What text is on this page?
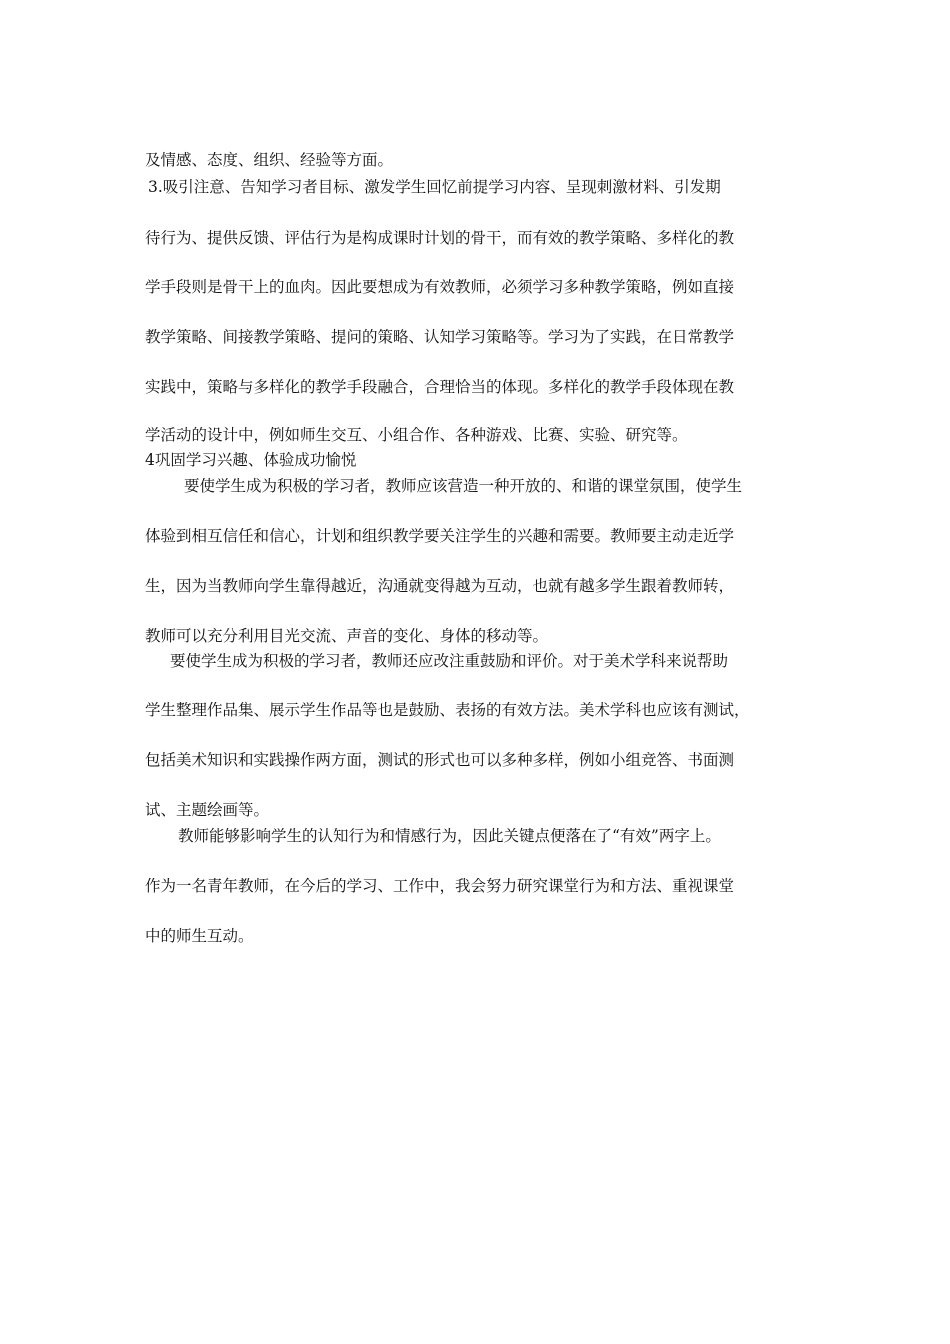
及情感、态度、组织、经验等方面。
3.吸引注意、告知学习者目标、激发学生回忆前提学习内容、呈现刺激材料、引发期
待行为、提供反馈、评估行为是构成课时计划的骨干，而有效的教学策略、多样化的教
学手段则是骨干上的血肉。因此要想成为有效教师，必须学习多种教学策略，例如直接
教学策略、间接教学策略、提问的策略、认知学习策略等。学习为了实践，在日常教学
实践中，策略与多样化的教学手段融合，合理恰当的体现。多样化的教学手段体现在教
学活动的设计中，例如师生交互、小组合作、各种游戏、比赛、实验、研究等。
4巩固学习兴趣、体验成功愉悦
要使学生成为积极的学习者，教师应该营造一种开放的、和谐的课堂氛围，使学生
体验到相互信任和信心，计划和组织教学要关注学生的兴趣和需要。教师要主动走近学
生，因为当教师向学生靠得越近，沟通就变得越为互动，也就有越多学生跟着教师转，
教师可以充分利用目光交流、声音的变化、身体的移动等。
要使学生成为积极的学习者，教师还应改注重鼓励和评价。对于美术学科来说帮助
学生整理作品集、展示学生作品等也是鼓励、表扬的有效方法。美术学科也应该有测试，
包括美术知识和实践操作两方面，测试的形式也可以多种多样，例如小组竞答、书面测
试、主题绘画等。
教师能够影响学生的认知行为和情感行为，因此关键点便落在了“有效”两字上。
作为一名青年教师，在今后的学习、工作中，我会努力研究课堂行为和方法、重视课堂
中的师生互动。
